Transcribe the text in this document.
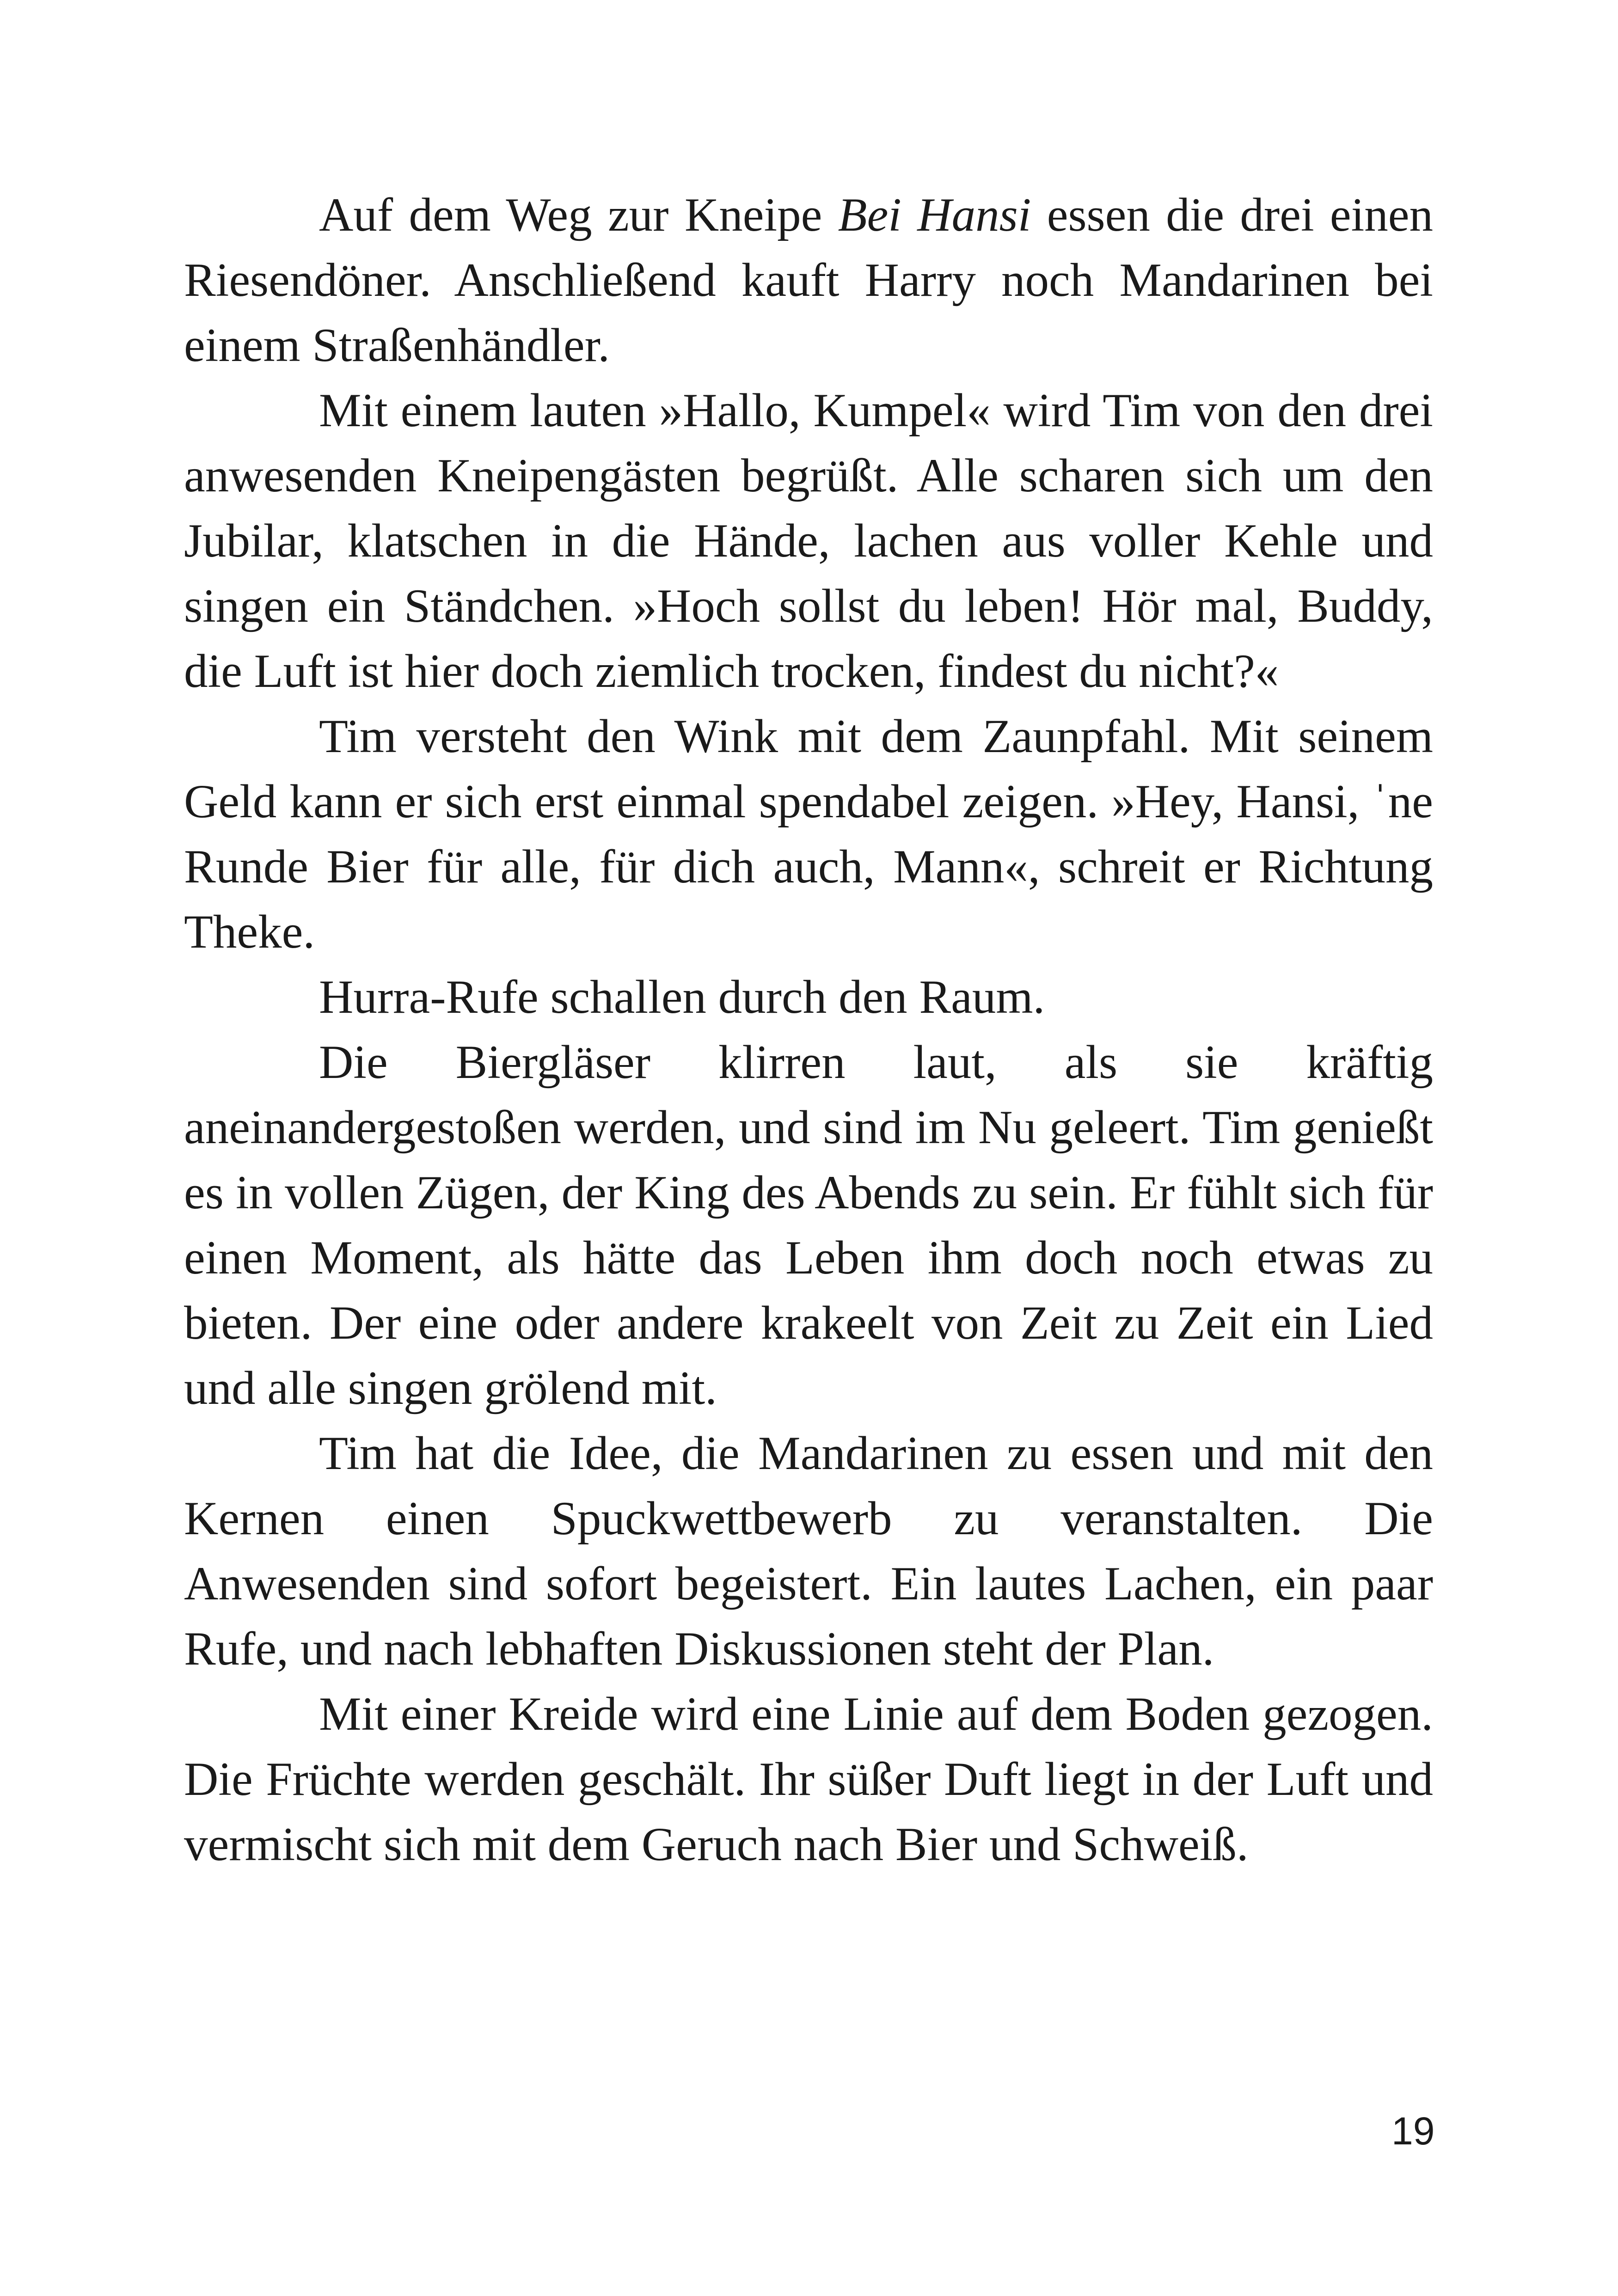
Auf dem Weg zur Kneipe Bei Hansi essen die drei einen Riesendöner. Anschließend kauft Harry noch Mandarinen bei einem Straßenhändler.

Mit einem lauten »Hallo, Kumpel« wird Tim von den drei anwesenden Kneipengästen begrüßt. Alle scharen sich um den Jubilar, klatschen in die Hände, lachen aus voller Kehle und singen ein Ständchen. »Hoch sollst du leben! Hör mal, Buddy, die Luft ist hier doch ziemlich trocken, findest du nicht?«

Tim versteht den Wink mit dem Zaunpfahl. Mit seinem Geld kann er sich erst einmal spendabel zeigen. »Hey, Hansi, ˈne Runde Bier für alle, für dich auch, Mann«, schreit er Richtung Theke.

Hurra-Rufe schallen durch den Raum.

Die Biergläser klirren laut, als sie kräftig aneinandergestoßen werden, und sind im Nu geleert. Tim genießt es in vollen Zügen, der King des Abends zu sein. Er fühlt sich für einen Moment, als hätte das Leben ihm doch noch etwas zu bieten. Der eine oder andere krakeelt von Zeit zu Zeit ein Lied und alle singen grölend mit.

Tim hat die Idee, die Mandarinen zu essen und mit den Kernen einen Spuckwettbewerb zu veranstalten. Die Anwesenden sind sofort begeistert. Ein lautes Lachen, ein paar Rufe, und nach lebhaften Diskussionen steht der Plan.

Mit einer Kreide wird eine Linie auf dem Boden gezogen. Die Früchte werden geschält. Ihr süßer Duft liegt in der Luft und vermischt sich mit dem Geruch nach Bier und Schweiß.

19
